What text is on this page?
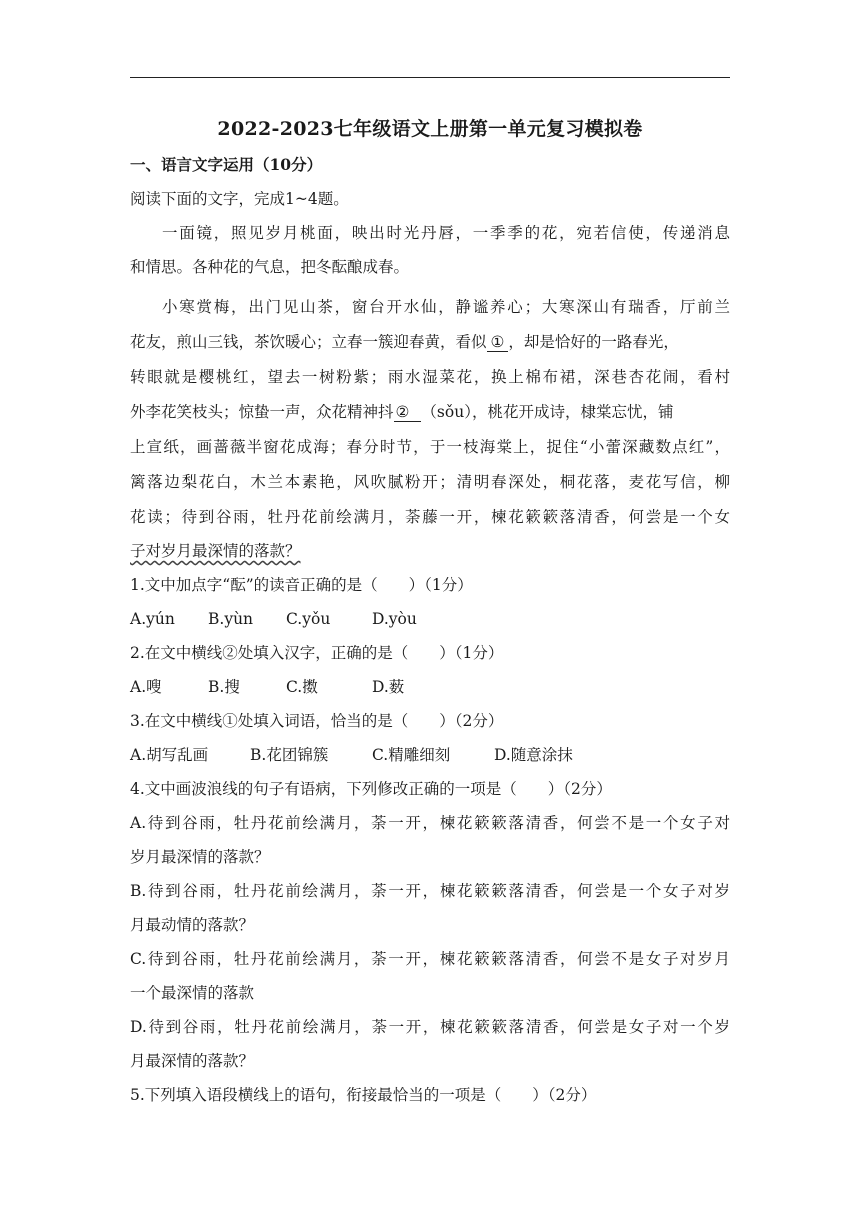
2022-2023七年级语文上册第一单元复习模拟卷
一、语言文字运用（10分）
阅读下面的文字，完成1~4题。
一面镜，照见岁月桃面，映出时光丹唇，一季季的花，宛若信使，传递消息
和情思。各种花的气息，把冬酝酿成春。
小寒赏梅，出门见山茶，窗台开水仙，静谧养心；大寒深山有瑞香，厅前兰
花友，煎山三钱，茶饮暖心；立春一簇迎春黄，看似 ① ，却是恰好的一路春光，
转眼就是樱桃红，望去一树粉紫；雨水湿菜花，换上棉布裙，深巷杏花闹，看村
外李花笑枝头；惊蛰一声，众花精神抖 ② （sǒu），桃花开成诗，棣棠忘忧，铺
上宣纸，画蔷薇半窗花成海；春分时节，于一枝海棠上，捉住“小蕾深藏数点红”，
篱落边梨花白，木兰本素艳，风吹腻粉开；清明春深处，桐花落，麦花写信，柳
花读；待到谷雨，牡丹花前绘满月，荼藤一开，楝花簌簌落清香，何尝是一个女
子对岁月最深情的落款？
1.文中加点字“酝”的读音正确的是（　　）（1分）
A.yún B.yùn C.yǒu	D.yòu
2.在文中横线②处填入汉字，正确的是（　　）（1分）
A.嗖	B.搜	C.擞	D.薮
3.在文中横线①处填入词语，恰当的是（　　）（2分）
A.胡写乱画	B.花团锦簇	C.精雕细刻	D.随意涂抹
4.文中画波浪线的句子有语病，下列修改正确的一项是（　　）（2分）
A.待到谷雨，牡丹花前绘满月，荼一开，楝花簌簌落清香，何尝不是一个女子对
岁月最深情的落款？
B.待到谷雨，牡丹花前绘满月，荼一开，楝花簌簌落清香，何尝是一个女子对岁
月最动情的落款？
C.待到谷雨，牡丹花前绘满月，荼一开，楝花簌簌落清香，何尝不是女子对岁月
一个最深情的落款
D.待到谷雨，牡丹花前绘满月，荼一开，楝花簌簌落清香，何尝是女子对一个岁
月最深情的落款？
5.下列填入语段横线上的语句，衔接最恰当的一项是（　　）（2分）
